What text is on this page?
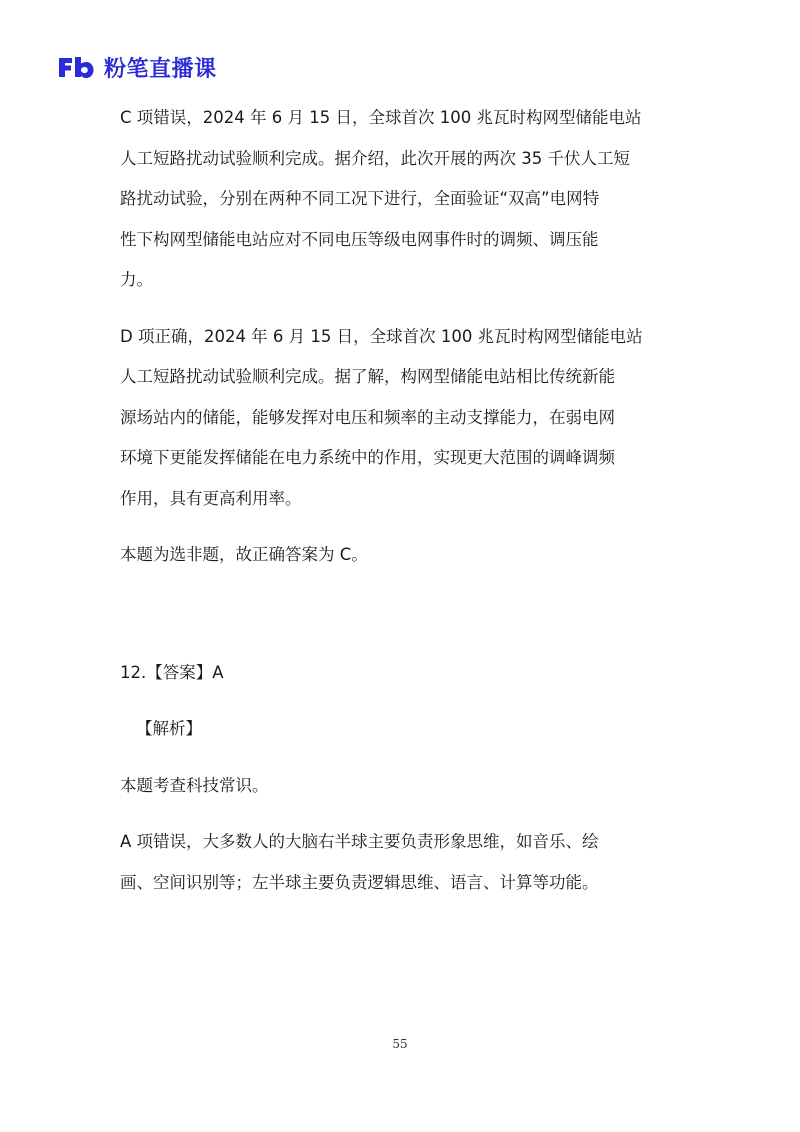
粉笔直播课

C 项错误，2024 年 6 月 15 日，全球首次 100 兆瓦时构网型储能电站

人工短路扰动试验顺利完成。据介绍，此次开展的两次 35 千伏人工短

路扰动试验，分别在两种不同工况下进行，全面验证“双高”电网特

性下构网型储能电站应对不同电压等级电网事件时的调频、调压能

力。

D 项正确，2024 年 6 月 15 日，全球首次 100 兆瓦时构网型储能电站

人工短路扰动试验顺利完成。据了解，构网型储能电站相比传统新能

源场站内的储能，能够发挥对电压和频率的主动支撑能力，在弱电网

环境下更能发挥储能在电力系统中的作用，实现更大范围的调峰调频

作用，具有更高利用率。

本题为选非题，故正确答案为 C。

12.【答案】A

【解析】

本题考查科技常识。

A 项错误，大多数人的大脑右半球主要负责形象思维，如音乐、绘

画、空间识别等；左半球主要负责逻辑思维、语言、计算等功能。

55
